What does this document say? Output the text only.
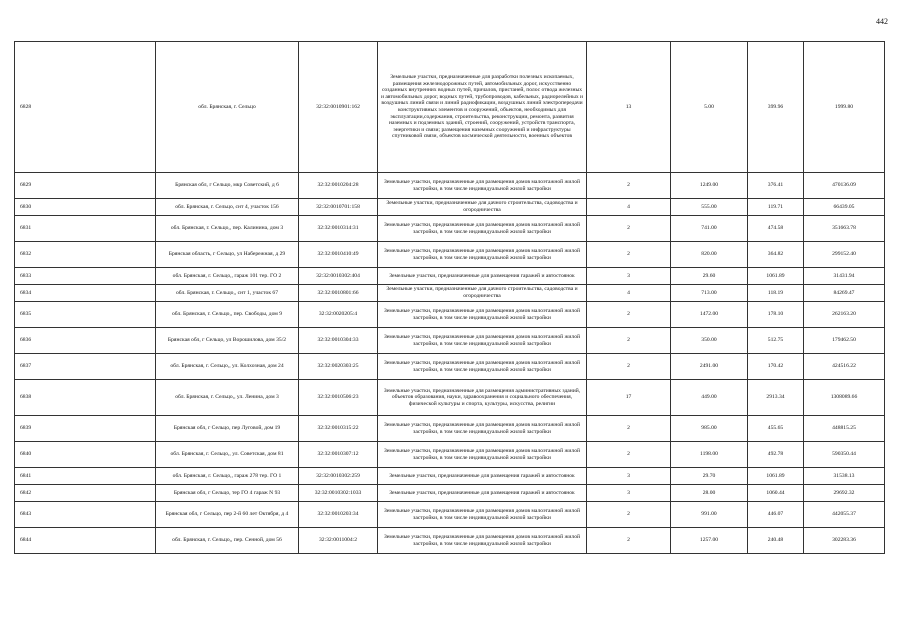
442
6828	обл. Брянская, г. Сельцо	32:32:0010901:162	Земельные участки, предназначенные для разработки полезных ископаемых, размещения железнодорожных путей, автомобильных дорог, искусственно созданных внутренних водных путей, причалов, пристаней, полос отвода железных и автомобильных дорог, водных путей, трубопроводов, кабельных, радиорелейных и воздушных линий связи и линий радиофикации, воздушных линий электропередачи конструктивных элементов и сооружений, объектов, необходимых для эксплуатации,содержания, строительства, реконструкции, ремонта, развития наземных и подземных зданий, строений, сооружений, устройств транспорта, энергетики и связи; размещения наземных сооружений и инфраструктуры спутниковой связи, объектов космической деятельности, военных объектов	13	5.00	399.96	1999.80
6829	Брянская обл, г Сельцо, мкр Советский, д 6	32:32:0010204:28	Земельные участки, предназначенные для размещения домов малоэтажной жилой застройки, в том числе индивидуальной жилой застройки	2	1249.00	376.41	470136.09
6830	обл. Брянская, г. Сельцо, снт 4, участок 156	32:32:0010701:158	Земельные участки, предназначенные для дачного строительства, садоводства и огородничества	4	555.00	119.71	66439.05
6831	обл. Брянская, г. Сельцо,, пер. Калинина, дом 3	32:32:0010314:31	Земельные участки, предназначенные для размещения домов малоэтажной жилой застройки, в том числе индивидуальной жилой застройки	2	741.00	474.58	351663.78
6832	Брянская область, г Сельцо, ул Набережная, д 29	32:32:0010410:49	Земельные участки, предназначенные для размещения домов малоэтажной жилой застройки, в том числе индивидуальной жилой застройки	2	820.00	364.82	299152.40
6833	обл. Брянская, г. Сельцо,, гараж 101 тер. ГО 2	32:32:0010302:404	Земельные участки, предназначенные для размещения гаражей и автостоянок	3	29.60	1061.89	31431.94
6834	обл. Брянская, г. Сельцо,, снт 1, участок 67	32:32:0010801:66	Земельные участки, предназначенные для дачного строительства, садоводства и огородничества	4	713.00	118.19	84269.47
6835	обл. Брянская, г. Сельцо,, пер. Свободы, дом 9	32:32:0020205:4	Земельные участки, предназначенные для размещения домов малоэтажной жилой застройки, в том числе индивидуальной жилой застройки	2	1472.00	178.10	262163.20
6836	Брянская обл, г Сельцо, ул Ворошилова, дом 35/2	32:32:0010304:33	Земельные участки, предназначенные для размещения домов малоэтажной жилой застройки, в том числе индивидуальной жилой застройки	2	350.00	512.75	179462.50
6837	обл. Брянская, г. Сельцо,, ул. Колхозная, дом 24	32:32:0020303:25	Земельные участки, предназначенные для размещения домов малоэтажной жилой застройки, в том числе индивидуальной жилой застройки	2	2491.00	170.42	424516.22
6838	обл. Брянская, г. Сельцо,, ул. Ленина, дом 3	32:32:0010506:23	Земельные участки, предназначенные для размещения административных зданий, объектов образования, науки, здравоохранения и социального обеспечения, физической культуры и спорта, культуры, искусства, религии	17	449.00	2913.34	1308089.66
6839	Брянская обл, г Сельцо, пер Луговой, дом 19	32:32:0010315:22	Земельные участки, предназначенные для размещения домов малоэтажной жилой застройки, в том числе индивидуальной жилой застройки	2	985.00	455.65	448815.25
6840	обл. Брянская, г. Сельцо,, ул. Советская, дом 81	32:32:0010307:12	Земельные участки, предназначенные для размещения домов малоэтажной жилой застройки, в том числе индивидуальной жилой застройки	2	1198.00	492.78	590350.44
6841	обл. Брянская, г. Сельцо,, гараж 278 тер. ГО 1	32:32:0010302:259	Земельные участки, предназначенные для размещения гаражей и автостоянок	3	29.70	1061.89	31538.13
6842	Брянская обл, г Сельцо, тер ГО 4 гараж N 93	32:32:0010302:1033	Земельные участки, предназначенные для размещения гаражей и автостоянок	3	28.00	1060.44	29692.32
6843	Брянская обл, г Сельцо, пер 2-й 60 лет Октября, д 4	32:32:0010203:34	Земельные участки, предназначенные для размещения домов малоэтажной жилой застройки, в том числе индивидуальной жилой застройки	2	991.00	446.07	442055.37
6844	обл. Брянская, г. Сельцо,, пер. Сенной, дом 56	32:32:0011004:2	Земельные участки, предназначенные для размещения домов малоэтажной жилой застройки, в том числе индивидуальной жилой застройки	2	1257.00	240.48	302283.36
